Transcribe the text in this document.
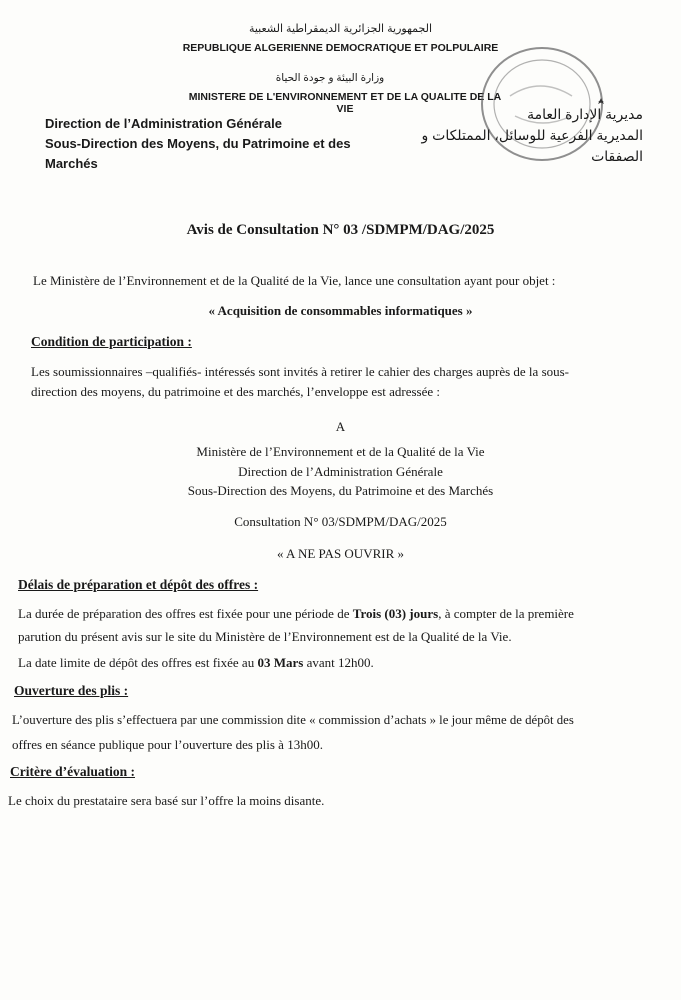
الجمهورية الجزائرية الديمقراطية الشعبية
REPUBLIQUE ALGERIENNE DEMOCRATIQUE ET POLPULAIRE
وزارة البيئة و جودة الحياة
MINISTERE DE L'ENVIRONNEMENT ET DE LA QUALITE DE LA VIE
Direction de l’Administration Générale
Sous-Direction des Moyens, du Patrimoine et des
Marchés
مديرية الإدارة العامة
المديرية الفرعية للوسائل، الممتلكات و
الصفقات
Avis de Consultation N° 03 /SDMPM/DAG/2025
Le Ministère de l’Environnement et de la Qualité de la Vie, lance une consultation ayant pour objet :
« Acquisition de consommables informatiques »
Condition de participation :
Les soumissionnaires –qualifiés- intéressés sont invités à retirer le cahier des charges auprès de la sous-
direction des moyens, du patrimoine et des marchés, l’enveloppe est adressée :
A
Ministère de l’Environnement et de la Qualité de la Vie
Direction de l’Administration Générale
Sous-Direction des Moyens, du Patrimoine et des Marchés
Consultation N° 03/SDMPM/DAG/2025
« A NE PAS OUVRIR »
Délais de préparation et dépôt des offres :
La durée de préparation des offres est fixée pour une période de Trois (03) jours, à compter de la première
parution du présent avis sur le site du Ministère de l’Environnement est de la Qualité de la Vie.
La date limite de dépôt des offres est fixée au 03 Mars avant 12h00.
Ouverture des plis :
L’ouverture des plis s’effectuera par une commission dite « commission d’achats » le jour même de dépôt des
offres en séance publique pour l’ouverture des plis à 13h00.
Critère d’évaluation :
Le choix du prestataire sera basé sur l’offre la moins disante.
